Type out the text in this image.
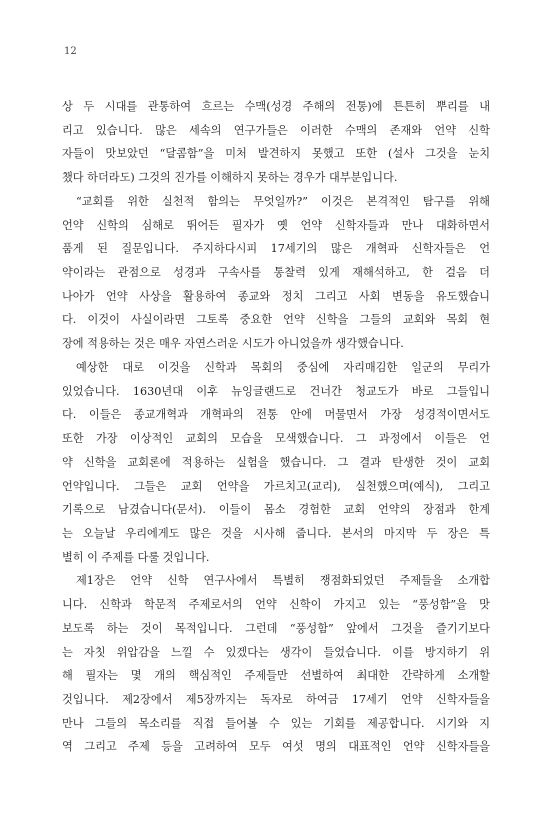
12
상 두 시대를 관통하여 흐르는 수맥(성경 주해의 전통)에 튼튼히 뿌리를 내
리고 있습니다. 많은 세속의 연구가들은 이러한 수맥의 존재와 언약 신학
자들이 맛보았던 “달콤함”을 미처 발견하지 못했고 또한 (설사 그것을 눈치
챘다 하더라도) 그것의 진가를 이해하지 못하는 경우가 대부분입니다.
“교회를 위한 실천적 함의는 무엇일까?” 이것은 본격적인 탐구를 위해
언약 신학의 심해로 뛰어든 필자가 옛 언약 신학자들과 만나 대화하면서
품게 된 질문입니다. 주지하다시피 17세기의 많은 개혁파 신학자들은 언
약이라는 관점으로 성경과 구속사를 통찰력 있게 재해석하고, 한 걸음 더
나아가 언약 사상을 활용하여 종교와 정치 그리고 사회 변동을 유도했습니
다. 이것이 사실이라면 그토록 중요한 언약 신학을 그들의 교회와 목회 현
장에 적용하는 것은 매우 자연스러운 시도가 아니었을까 생각했습니다.
예상한 대로 이것을 신학과 목회의 중심에 자리매김한 일군의 무리가
있었습니다. 1630년대 이후 뉴잉글랜드로 건너간 청교도가 바로 그들입니
다. 이들은 종교개혁과 개혁파의 전통 안에 머물면서 가장 성경적이면서도
또한 가장 이상적인 교회의 모습을 모색했습니다. 그 과정에서 이들은 언
약 신학을 교회론에 적용하는 실험을 했습니다. 그 결과 탄생한 것이 교회
언약입니다. 그들은 교회 언약을 가르치고(교리), 실천했으며(예식), 그리고
기록으로 남겼습니다(문서). 이들이 몸소 경험한 교회 언약의 장점과 한계
는 오늘날 우리에게도 많은 것을 시사해 줍니다. 본서의 마지막 두 장은 특
별히 이 주제를 다룰 것입니다.
제1장은 언약 신학 연구사에서 특별히 쟁점화되었던 주제들을 소개합
니다. 신학과 학문적 주제로서의 언약 신학이 가지고 있는 “풍성함”을 맛
보도록 하는 것이 목적입니다. 그런데 “풍성함” 앞에서 그것을 즐기기보다
는 자칫 위압감을 느낄 수 있겠다는 생각이 들었습니다. 이를 방지하기 위
해 필자는 몇 개의 핵심적인 주제들만 선별하여 최대한 간략하게 소개할
것입니다. 제2장에서 제5장까지는 독자로 하여금 17세기 언약 신학자들을
만나 그들의 목소리를 직접 들어볼 수 있는 기회를 제공합니다. 시기와 지
역 그리고 주제 등을 고려하여 모두 여섯 명의 대표적인 언약 신학자들을
